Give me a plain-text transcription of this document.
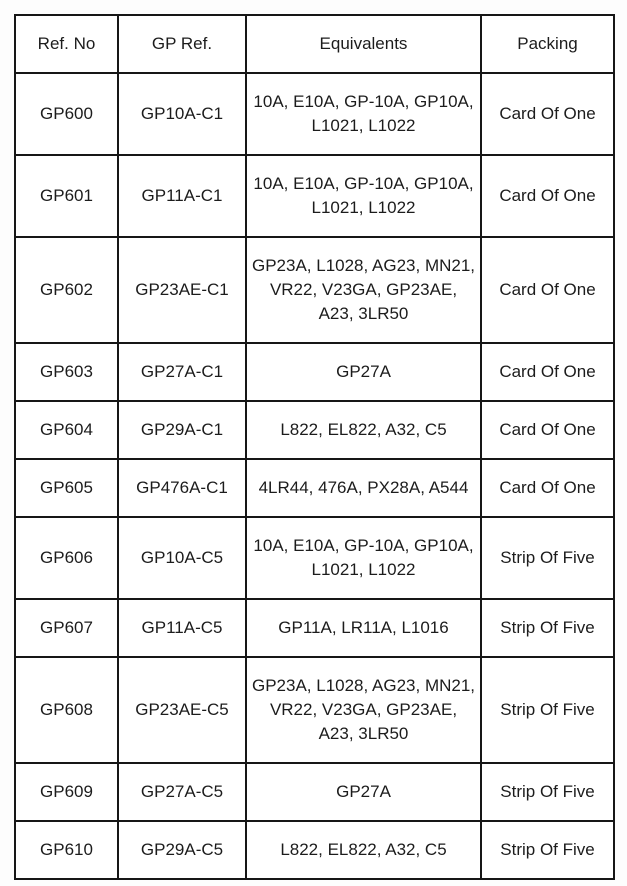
Ref. No	GP Ref.	Equivalents	Packing
GP600	GP10A-C1	10A, E10A, GP-10A, GP10A, L1021, L1022	Card Of One
GP601	GP11A-C1	10A, E10A, GP-10A, GP10A, L1021, L1022	Card Of One
GP602	GP23AE-C1	GP23A, L1028, AG23, MN21, VR22, V23GA, GP23AE, A23, 3LR50	Card Of One
GP603	GP27A-C1	GP27A	Card Of One
GP604	GP29A-C1	L822, EL822, A32, C5	Card Of One
GP605	GP476A-C1	4LR44, 476A, PX28A, A544	Card Of One
GP606	GP10A-C5	10A, E10A, GP-10A, GP10A, L1021, L1022	Strip Of Five
GP607	GP11A-C5	GP11A, LR11A, L1016	Strip Of Five
GP608	GP23AE-C5	GP23A, L1028, AG23, MN21, VR22, V23GA, GP23AE, A23, 3LR50	Strip Of Five
GP609	GP27A-C5	GP27A	Strip Of Five
GP610	GP29A-C5	L822, EL822, A32, C5	Strip Of Five
